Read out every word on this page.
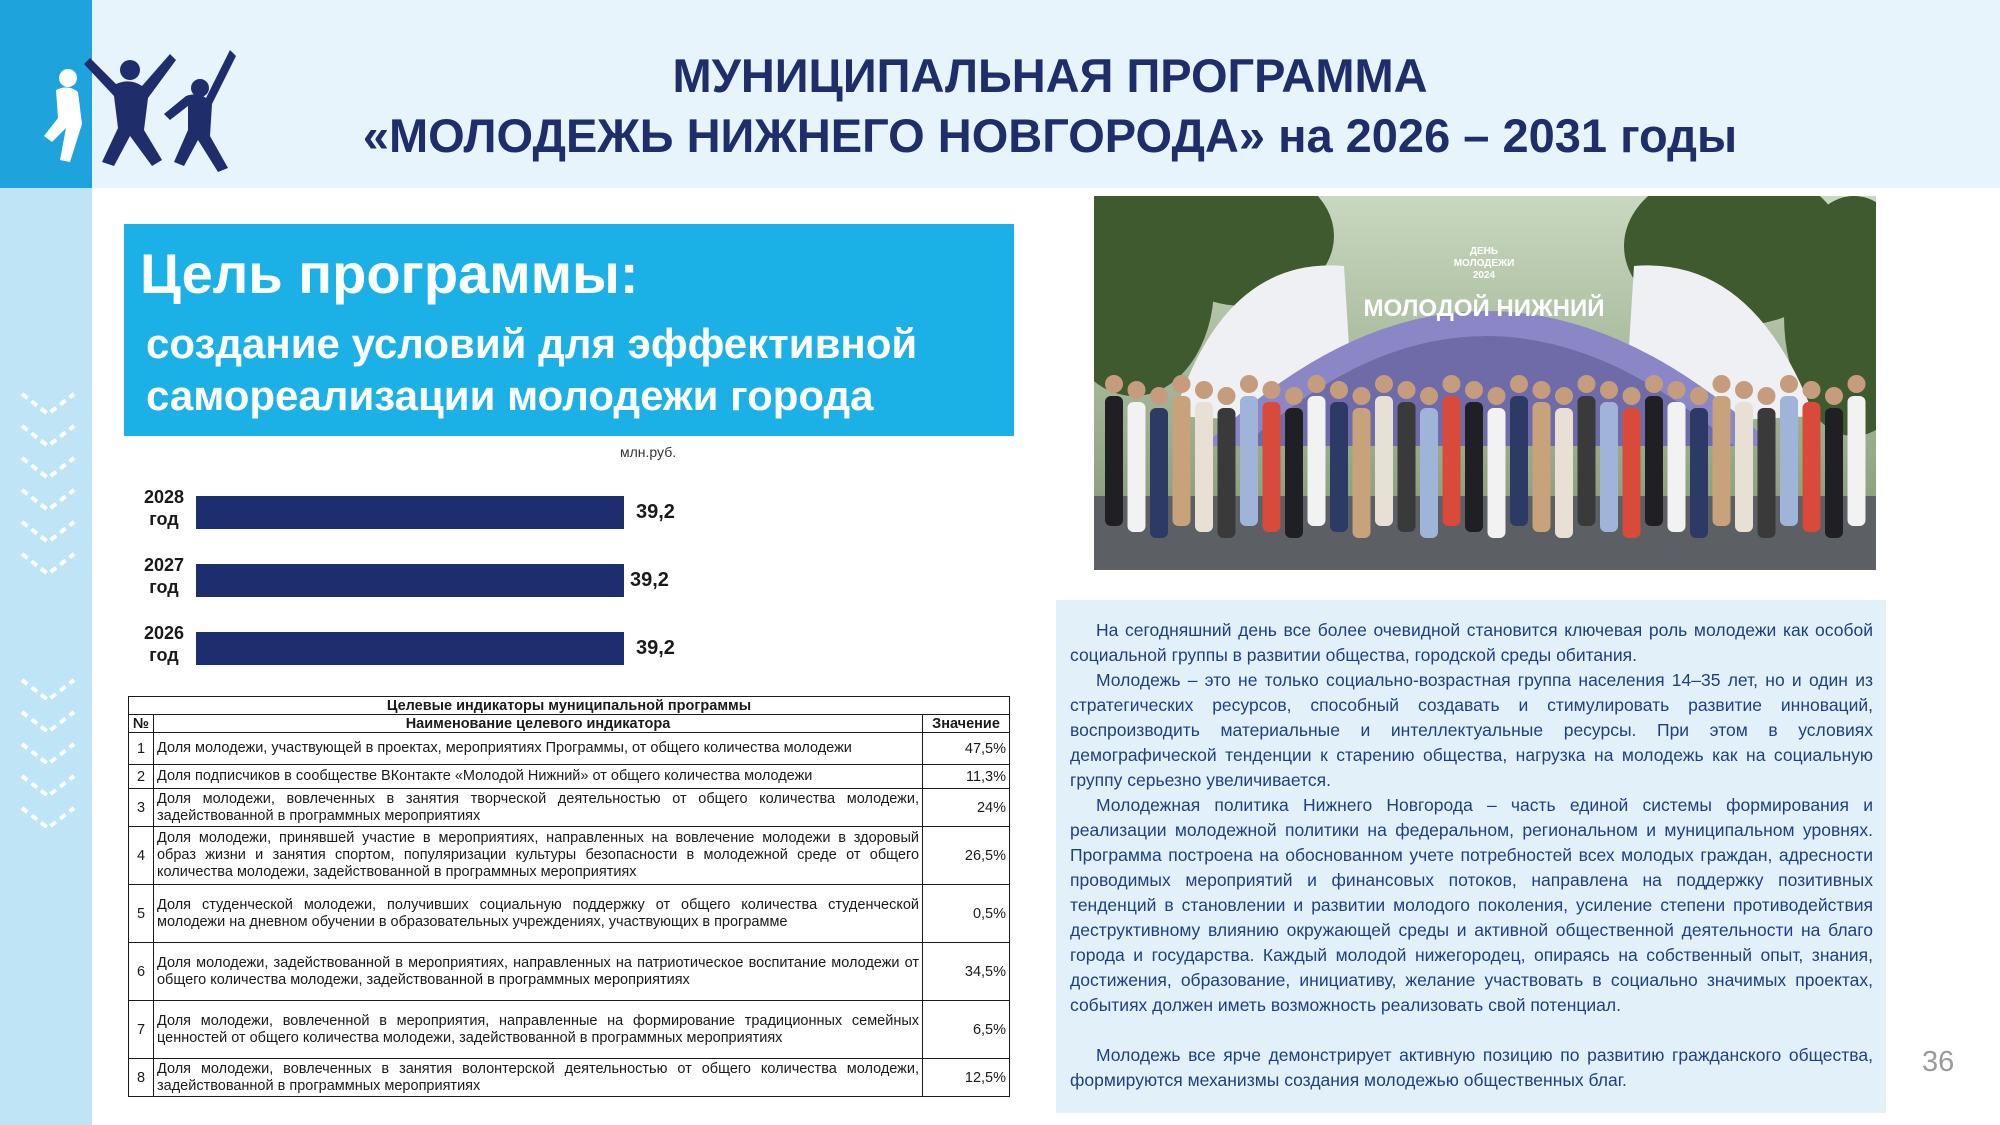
МУНИЦИПАЛЬНАЯ ПРОГРАММА
«МОЛОДЕЖЬ НИЖНЕГО НОВГОРОДА» на 2026 – 2031 годы
Цель программы:
создание условий для эффективной самореализации молодежи города
млн.руб.
2028
год	39,2
2027
год	39,2
2026
год	39,2
Целевые индикаторы муниципальной программы		
№	Наименование целевого индикатора	Значение
1	Доля молодежи, участвующей в проектах, мероприятиях Программы, от общего количества молодежи	47,5%
2	Доля подписчиков в сообществе ВКонтакте «Молодой Нижний» от общего количества молодежи	11,3%
3	Доля молодежи, вовлеченных в занятия творческой деятельностью от общего количества молодежи, задействованной в программных мероприятиях	24%
4	Доля молодежи, принявшей участие в мероприятиях, направленных на вовлечение молодежи в здоровый образ жизни и занятия спортом, популяризации культуры безопасности в молодежной среде от общего количества молодежи, задействованной в программных мероприятиях	26,5%
5	Доля студенческой молодежи, получивших социальную поддержку от общего количества студенческой молодежи на дневном обучении в образовательных учреждениях, участвующих в программе	0,5%
6	Доля молодежи, задействованной в мероприятиях, направленных на патриотическое воспитание молодежи от общего количества молодежи, задействованной в программных мероприятиях	34,5%
7	Доля молодежи, вовлеченной в мероприятия, направленные на формирование традиционных семейных ценностей от общего количества молодежи, задействованной в программных мероприятиях	6,5%
8	Доля молодежи, вовлеченных в занятия волонтерской деятельностью от общего количества молодежи, задействованной в программных мероприятиях	12,5%
МОЛОДОЙ НИЖНИЙ
ДЕНЬ
МОЛОДЕЖИ
2024

На сегодняшний день все более очевидной становится ключевая роль молодежи как особой социальной группы в развитии общества, городской среды обитания.

Молодежь – это не только социально-возрастная группа населения 14–35 лет, но и один из стратегических ресурсов, способный создавать и стимулировать развитие инноваций, воспроизводить материальные и интеллектуальные ресурсы. При этом в условиях демографической тенденции к старению общества, нагрузка на молодежь как на социальную группу серьезно увеличивается.

Молодежная политика Нижнего Новгорода – часть единой системы формирования и реализации молодежной политики на федеральном, региональном и муниципальном уровнях. Программа построена на обоснованном учете потребностей всех молодых граждан, адресности проводимых мероприятий и финансовых потоков, направлена на поддержку позитивных тенденций в становлении и развитии молодого поколения, усиление степени противодействия деструктивному влиянию окружающей среды и активной общественной деятельности на благо города и государства. Каждый молодой нижегородец, опираясь на собственный опыт, знания, достижения, образование, инициативу, желание участвовать в социально значимых проектах, событиях должен иметь возможность реализовать свой потенциал.

Молодежь все ярче демонстрирует активную позицию по развитию гражданского общества, формируются механизмы создания молодежью общественных благ.

36
